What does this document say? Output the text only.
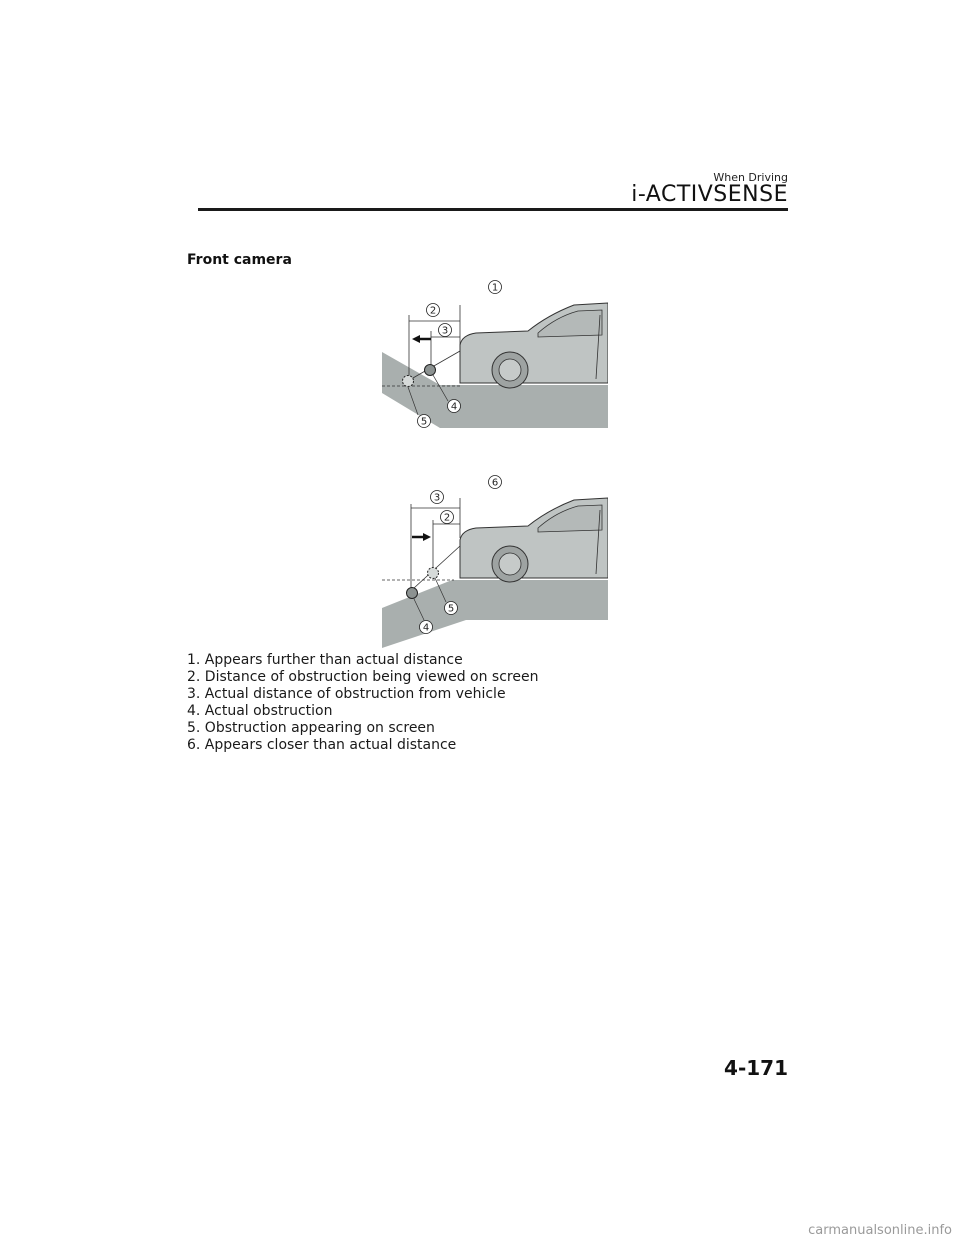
When Driving
i-ACTIVSENSE
Front camera
1
2
3
4
5
6
3
2
5
4
1. Appears further than actual distance
2. Distance of obstruction being viewed on screen
3. Actual distance of obstruction from vehicle
4. Actual obstruction
5. Obstruction appearing on screen
6. Appears closer than actual distance
4-171
carmanualsonline.info
